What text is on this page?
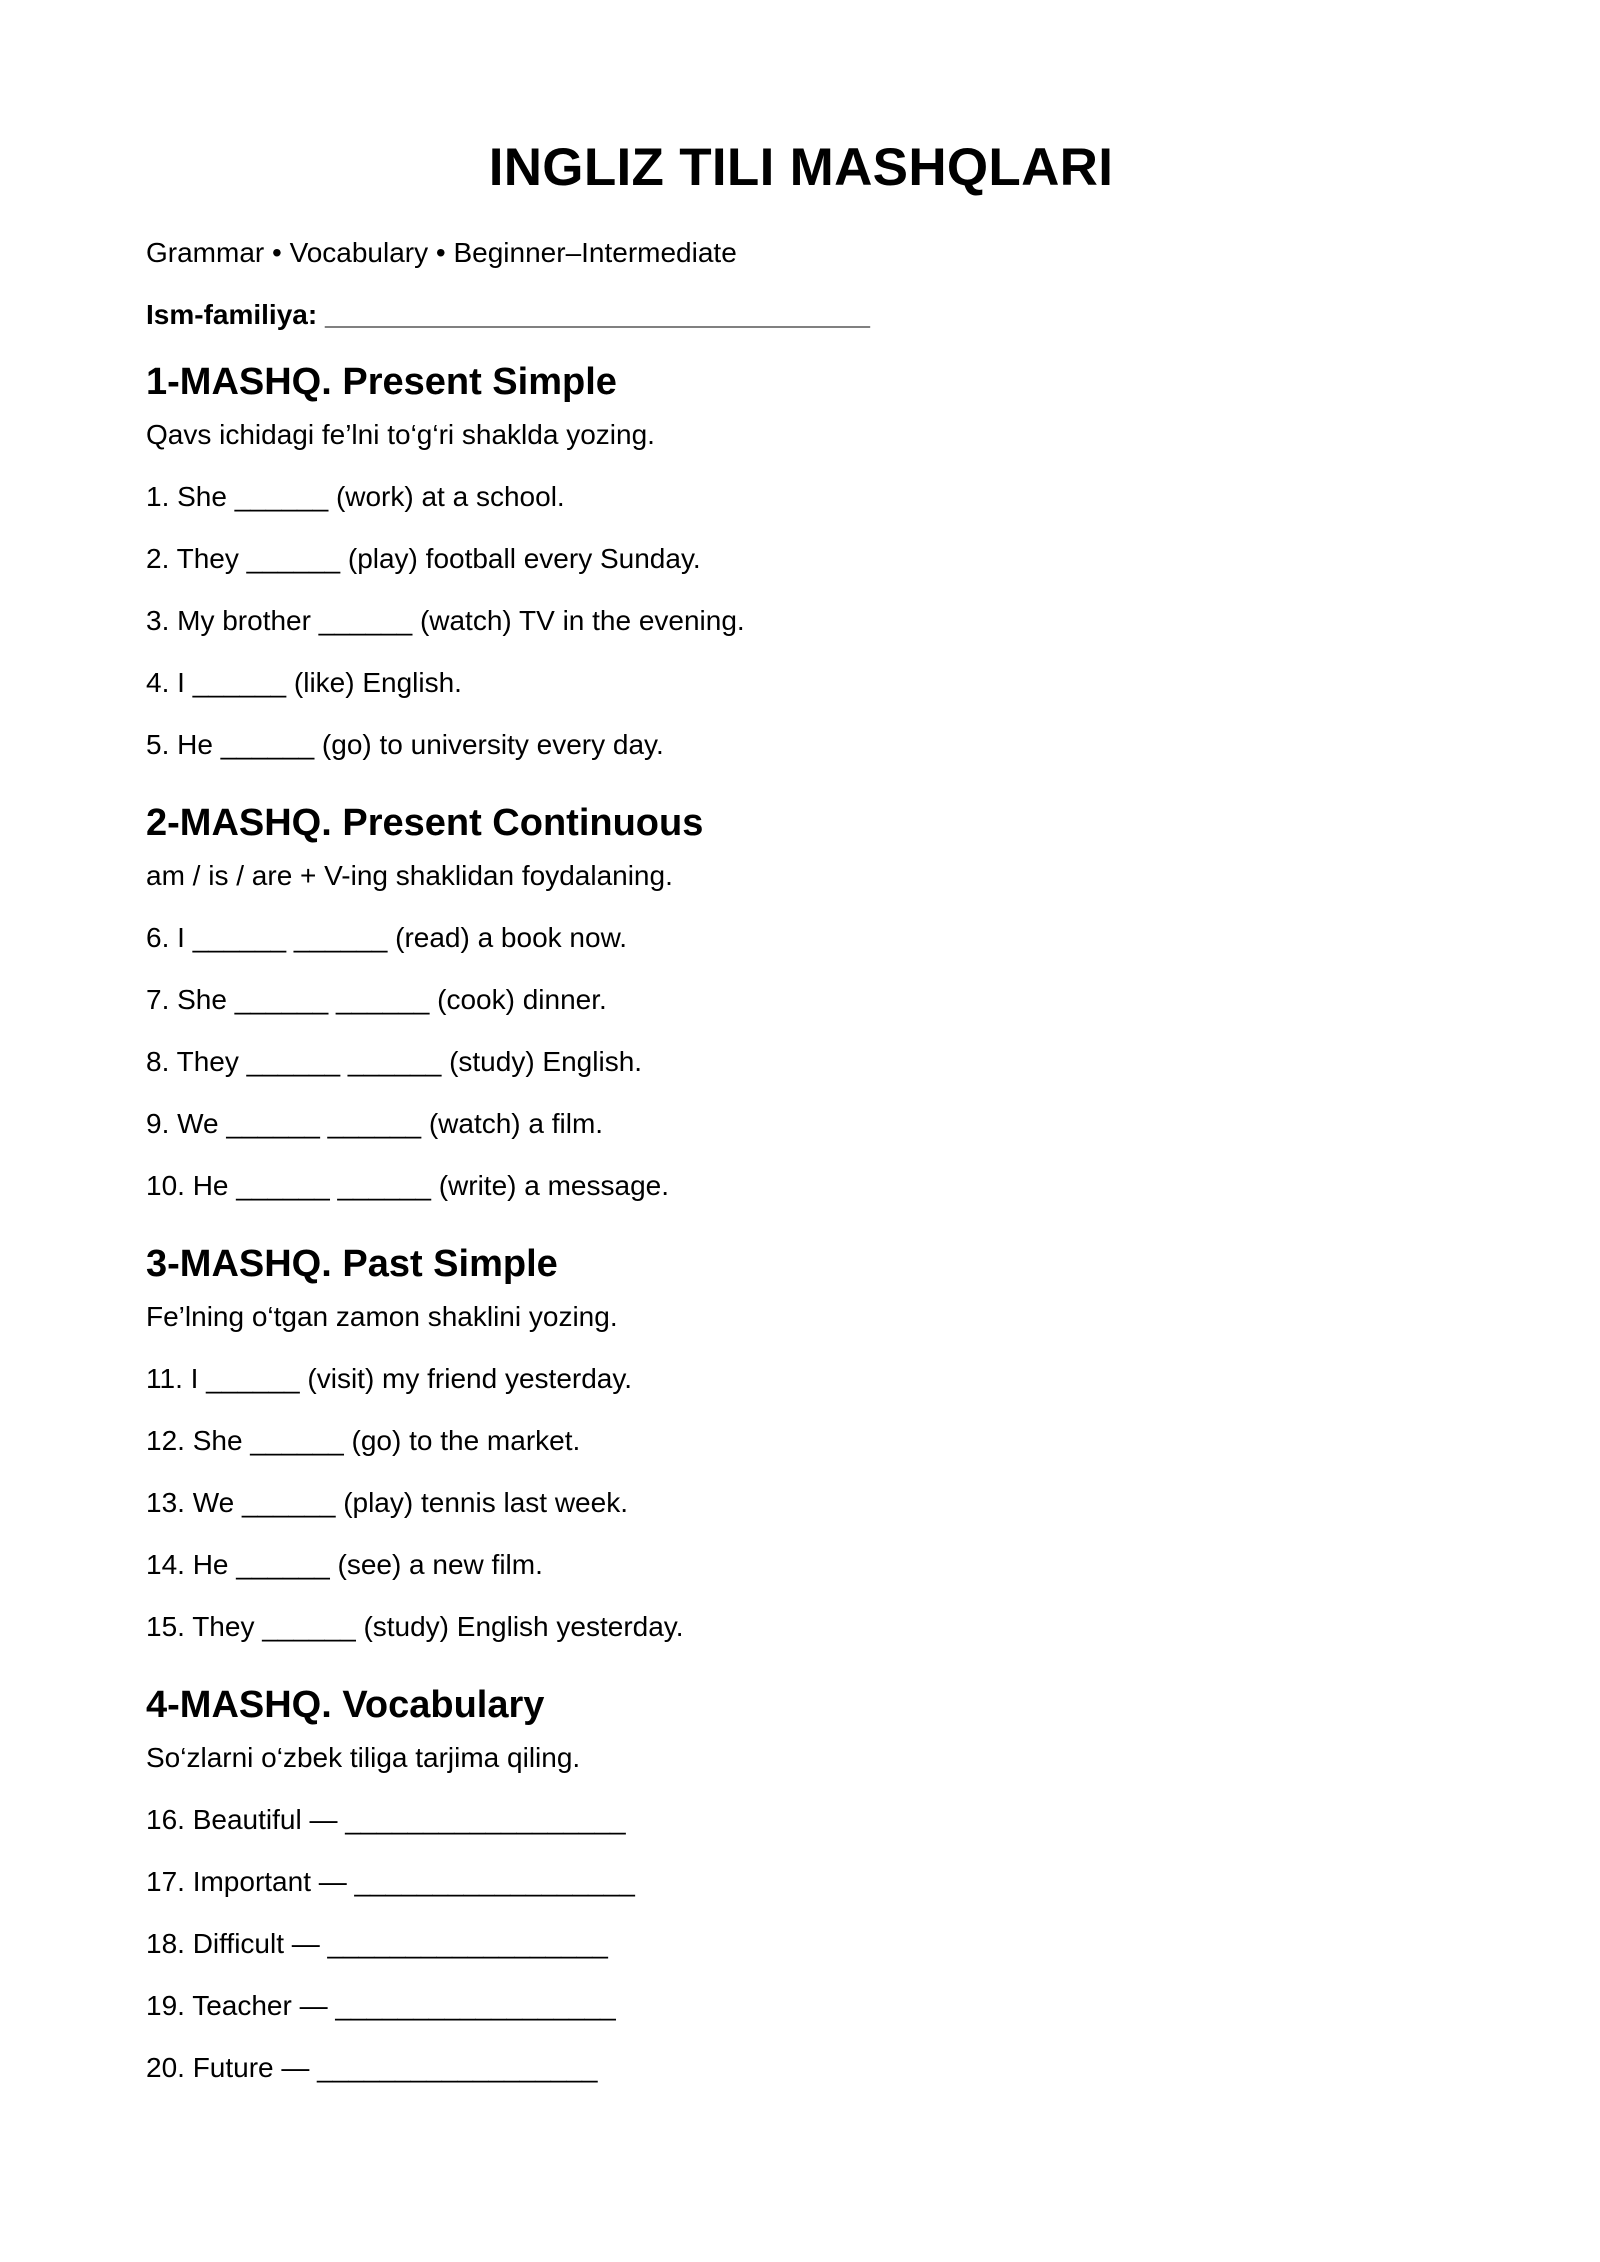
INGLIZ TILI MASHQLARI
Grammar • Vocabulary • Beginner–Intermediate
Ism-familiya: ___________________________________
1-MASHQ. Present Simple
Qavs ichidagi fe’lni to‘g‘ri shaklda yozing.
1. She ______ (work) at a school.
2. They ______ (play) football every Sunday.
3. My brother ______ (watch) TV in the evening.
4. I ______ (like) English.
5. He ______ (go) to university every day.
2-MASHQ. Present Continuous
am / is / are + V-ing shaklidan foydalaning.
6. I ______ ______ (read) a book now.
7. She ______ ______ (cook) dinner.
8. They ______ ______ (study) English.
9. We ______ ______ (watch) a film.
10. He ______ ______ (write) a message.
3-MASHQ. Past Simple
Fe’lning o‘tgan zamon shaklini yozing.
11. I ______ (visit) my friend yesterday.
12. She ______ (go) to the market.
13. We ______ (play) tennis last week.
14. He ______ (see) a new film.
15. They ______ (study) English yesterday.
4-MASHQ. Vocabulary
So‘zlarni o‘zbek tiliga tarjima qiling.
16. Beautiful — __________________
17. Important — __________________
18. Difficult — __________________
19. Teacher — __________________
20. Future — __________________
